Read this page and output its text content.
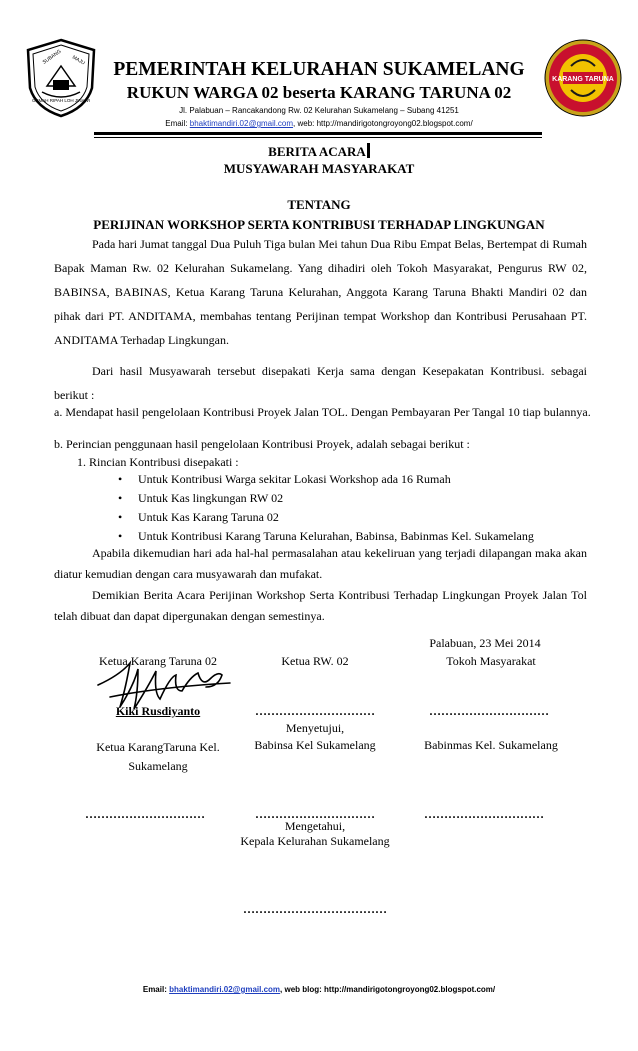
SUBANG MAJU
GEMAH RIPAH LOH JINAWI
KARANG TARUNA
PEMERINTAH KELURAHAN SUKAMELANG
RUKUN WARGA 02 beserta KARANG TARUNA 02
Jl. Palabuan – Rancakandong Rw. 02 Kelurahan Sukamelang – Subang 41251
Email: bhaktimandiri.02@gmail.com, web: http://mandirigotongroyong02.blogspot.com/
BERITA ACARA
MUSYAWARAH MASYARAKAT
TENTANG
PERIJINAN WORKSHOP SERTA KONTRIBUSI TERHADAP LINGKUNGAN
Pada hari Jumat tanggal Dua Puluh Tiga bulan Mei tahun Dua Ribu Empat Belas, Bertempat di Rumah Bapak Maman Rw. 02 Kelurahan Sukamelang. Yang dihadiri oleh Tokoh Masyarakat, Pengurus RW 02, BABINSA, BABINAS, Ketua Karang Taruna Kelurahan, Anggota Karang Taruna Bhakti Mandiri 02 dan pihak dari PT. ANDITAMA, membahas tentang Perijinan tempat Workshop dan Kontribusi Perusahaan PT. ANDITAMA Terhadap Lingkungan.
Dari hasil Musyawarah tersebut disepakati Kerja sama dengan Kesepakatan Kontribusi. sebagai berikut :
a. Mendapat hasil pengelolaan Kontribusi Proyek Jalan TOL. Dengan Pembayaran Per Tangal 10 tiap bulannya.
b. Perincian penggunaan hasil pengelolaan Kontribusi Proyek, adalah sebagai berikut :
1. Rincian Kontribusi disepakati :
• Untuk Kontribusi Warga sekitar Lokasi Workshop ada 16 Rumah
• Untuk Kas lingkungan RW 02
• Untuk Kas Karang Taruna 02
• Untuk Kontribusi Karang Taruna Kelurahan, Babinsa, Babinmas Kel. Sukamelang
Apabila dikemudian hari ada hal-hal permasalahan atau kekeliruan yang terjadi dilapangan maka akan diatur kemudian dengan cara musyawarah dan mufakat.
Demikian Berita Acara Perijinan Workshop Serta Kontribusi Terhadap Lingkungan Proyek Jalan Tol telah dibuat dan dapat dipergunakan dengan semestinya.
Palabuan, 23 Mei 2014
Ketua Karang Taruna 02	Ketua RW. 02	Tokoh Masyarakat
Kiki Rusdiyanto	…………………………	…………………………
Menyetujui,
Ketua KarangTaruna Kel. Sukamelang
Babinsa Kel Sukamelang	Babinmas Kel. Sukamelang
…………………………	…………………………	…………………………
Mengetahui,
Kepala Kelurahan Sukamelang
………………………………
Email: bhaktimandiri.02@gmail.com, web blog: http://mandirigotongroyong02.blogspot.com/
